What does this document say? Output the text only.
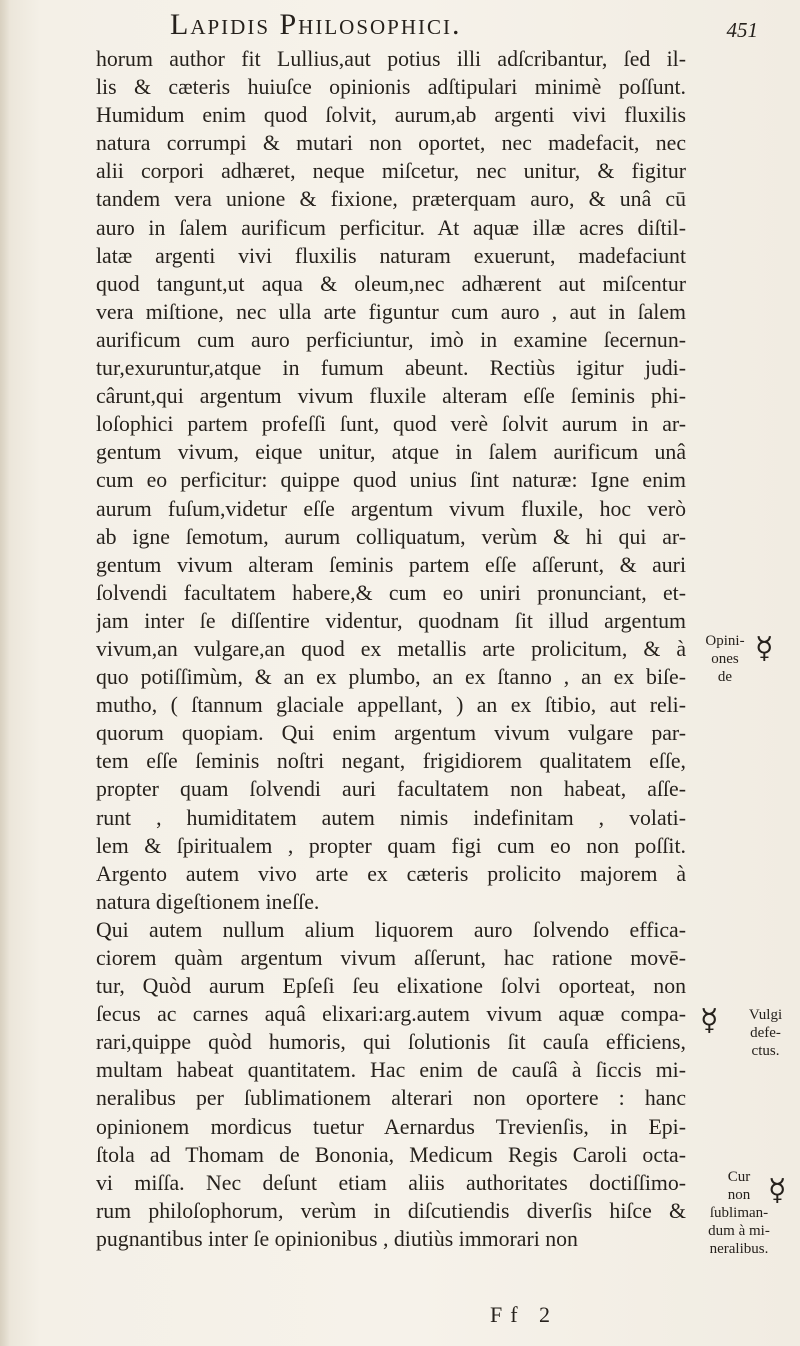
Lapidis Philosophici.	451
horum author fit Lullius,aut potius illi adſcribantur, ſed il-
lis & cæteris huiuſce opinionis adſtipulari minimè poſſunt.
Humidum enim quod ſolvit, aurum,ab argenti vivi fluxilis
natura corrumpi & mutari non oportet, nec madefacit, nec
alii corpori adhæret, neque miſcetur, nec unitur, & figitur
tandem vera unione & fixione, præterquam auro, & unâ cū
auro in ſalem aurificum perficitur. At aquæ illæ acres diſtil-
latæ argenti vivi fluxilis naturam exuerunt, madefaciunt
quod tangunt,ut aqua & oleum,nec adhærent aut miſcentur
vera miſtione, nec ulla arte figuntur cum auro , aut in ſalem
aurificum cum auro perficiuntur, imò in examine ſecernun-
tur,exuruntur,atque in fumum abeunt. Rectiùs igitur judi-
cârunt,qui argentum vivum fluxile alteram eſſe ſeminis phi-
loſophici partem profeſſi ſunt, quod verè ſolvit aurum in ar-
gentum vivum, eique unitur, atque in ſalem aurificum unâ
cum eo perficitur: quippe quod unius ſint naturæ: Igne enim
aurum fuſum,videtur eſſe argentum vivum fluxile, hoc verò
ab igne ſemotum, aurum colliquatum, verùm & hi qui ar-
gentum vivum alteram ſeminis partem eſſe aſſerunt, & auri
ſolvendi facultatem habere,& cum eo uniri pronunciant, et-
jam inter ſe diſſentire videntur, quodnam ſit illud argentum
vivum,an vulgare,an quod ex metallis arte prolicitum, & à
quo potiſſimùm, & an ex plumbo, an ex ſtanno , an ex biſe-
mutho, ( ſtannum glaciale appellant, ) an ex ſtibio, aut reli-
quorum quopiam. Qui enim argentum vivum vulgare par-
tem eſſe ſeminis noſtri negant, frigidiorem qualitatem eſſe,
propter quam ſolvendi auri facultatem non habeat, aſſe-
runt , humiditatem autem nimis indefinitam , volati-
lem & ſpiritualem , propter quam figi cum eo non poſſit.
Argento autem vivo arte ex cæteris prolicito majorem à
natura digeſtionem ineſſe.
Qui autem nullum alium liquorem auro ſolvendo effica-
ciorem quàm argentum vivum aſſerunt, hac ratione movē-
tur, Quòd aurum Epſeſi ſeu elixatione ſolvi oporteat, non
ſecus ac carnes aquâ elixari:arg.autem vivum aquæ compa-
rari,quippe quòd humoris, qui ſolutionis ſit cauſa efficiens,
multam habeat quantitatem. Hac enim de cauſâ à ſiccis mi-
neralibus per ſublimationem alterari non oportere : hanc
opinionem mordicus tuetur Aernardus Trevienſis, in Epi-
ſtola ad Thomam de Bononia, Medicum Regis Caroli octa-
vi miſſa. Nec deſunt etiam aliis authoritates doctiſſimo-
rum philoſophorum, verùm in diſcutiendis diverſis hiſce &
pugnantibus inter ſe opinionibus , diutiùs immorari non
Opini-
ones
de
☿
☿	Vulgi
defe-
ctus.
Cur
non
ſubliman-
dum à mi-
neralibus.
☿
Ff 2
